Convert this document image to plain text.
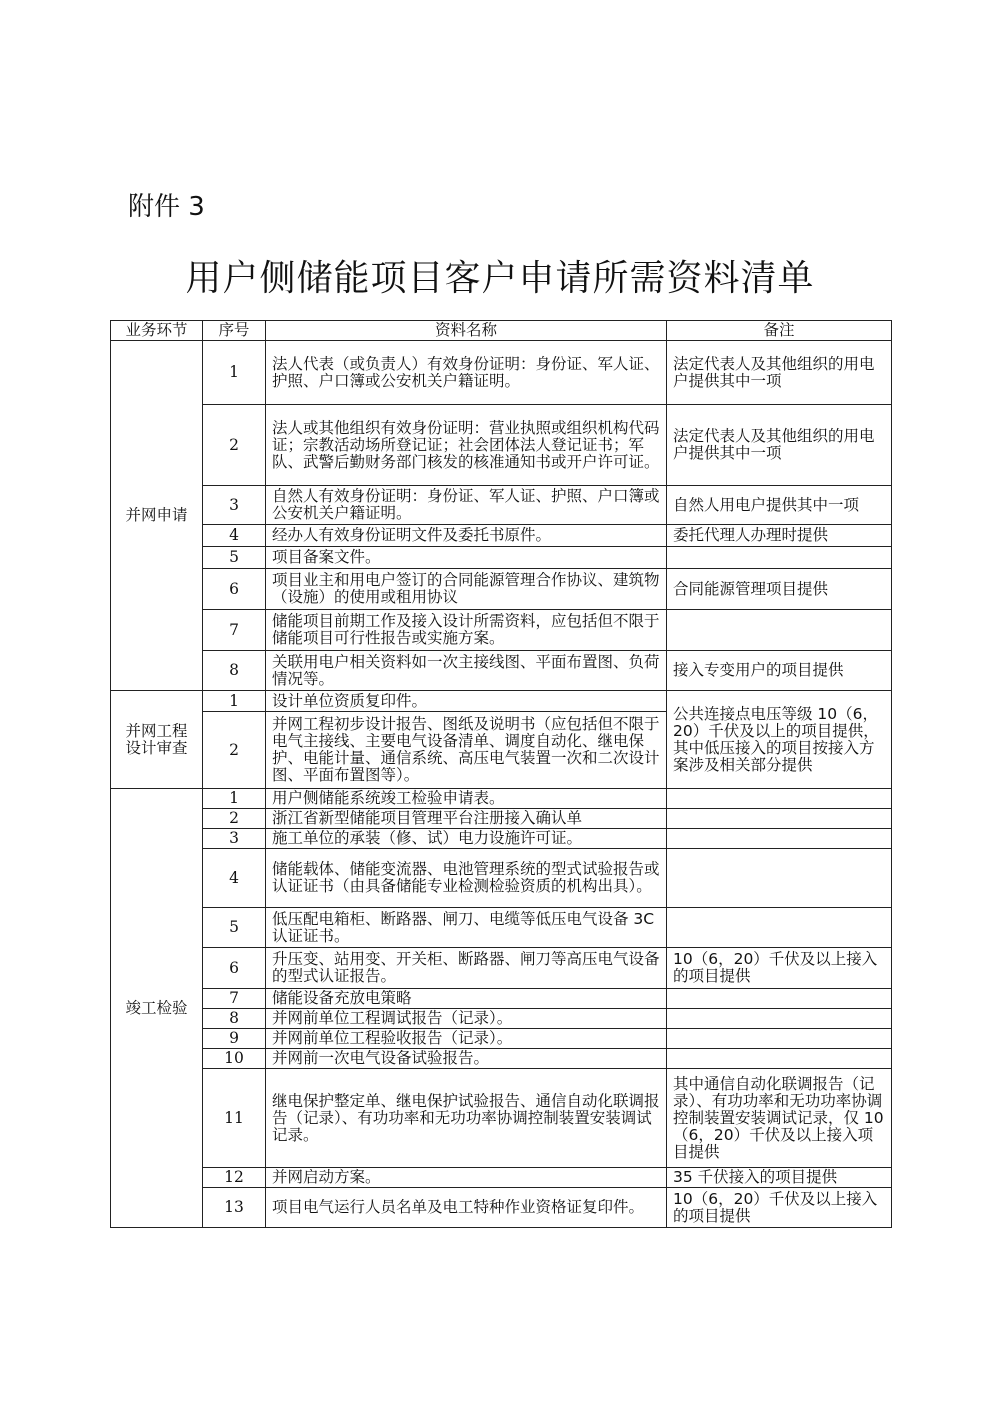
附件 3
用户侧储能项目客户申请所需资料清单
业务环节	序号	资料名称	备注
并网申请	1	法人代表（或负责人）有效身份证明：身份证、军人证、护照、户口簿或公安机关户籍证明。	法定代表人及其他组织的用电户提供其中一项
	2	法人或其他组织有效身份证明：营业执照或组织机构代码证；宗教活动场所登记证；社会团体法人登记证书；军队、武警后勤财务部门核发的核准通知书或开户许可证。	法定代表人及其他组织的用电户提供其中一项
	3	自然人有效身份证明：身份证、军人证、护照、户口簿或公安机关户籍证明。	自然人用电户提供其中一项
	4	经办人有效身份证明文件及委托书原件。	委托代理人办理时提供
	5	项目备案文件。	
	6	项目业主和用电户签订的合同能源管理合作协议、建筑物（设施）的使用或租用协议	合同能源管理项目提供
	7	储能项目前期工作及接入设计所需资料，应包括但不限于储能项目可行性报告或实施方案。	
	8	关联用电户相关资料如一次主接线图、平面布置图、负荷情况等。	接入专变用户的项目提供

并网工程
设计审查	1	设计单位资质复印件。	公共连接点电压等级 10（6，20）千伏及以上的项目提供，其中低压接入的项目按接入方案涉及相关部分提供
	2	并网工程初步设计报告、图纸及说明书（应包括但不限于电气主接线、主要电气设备清单、调度自动化、继电保护、电能计量、通信系统、高压电气装置一次和二次设计图、平面布置图等）。	
竣工检验	1	用户侧储能系统竣工检验申请表。	
	2	浙江省新型储能项目管理平台注册接入确认单	
	3	施工单位的承装（修、试）电力设施许可证。	
	4	储能载体、储能变流器、电池管理系统的型式试验报告或认证证书（由具备储能专业检测检验资质的机构出具）。	
	5	低压配电箱柜、断路器、闸刀、电缆等低压电气设备 3C 认证证书。	
	6	升压变、站用变、开关柜、断路器、闸刀等高压电气设备的型式认证报告。	10（6，20）千伏及以上接入的项目提供
	7	储能设备充放电策略	
	8	并网前单位工程调试报告（记录）。	
	9	并网前单位工程验收报告（记录）。	
	10	并网前一次电气设备试验报告。	
	11	继电保护整定单、继电保护试验报告、通信自动化联调报告（记录）、有功功率和无功功率协调控制装置安装调试记录。	其中通信自动化联调报告（记录）、有功功率和无功功率协调控制装置安装调试记录，仅 10（6，20）千伏及以上接入项目提供
	12	并网启动方案。	35 千伏接入的项目提供
	13	项目电气运行人员名单及电工特种作业资格证复印件。	10（6，20）千伏及以上接入的项目提供
